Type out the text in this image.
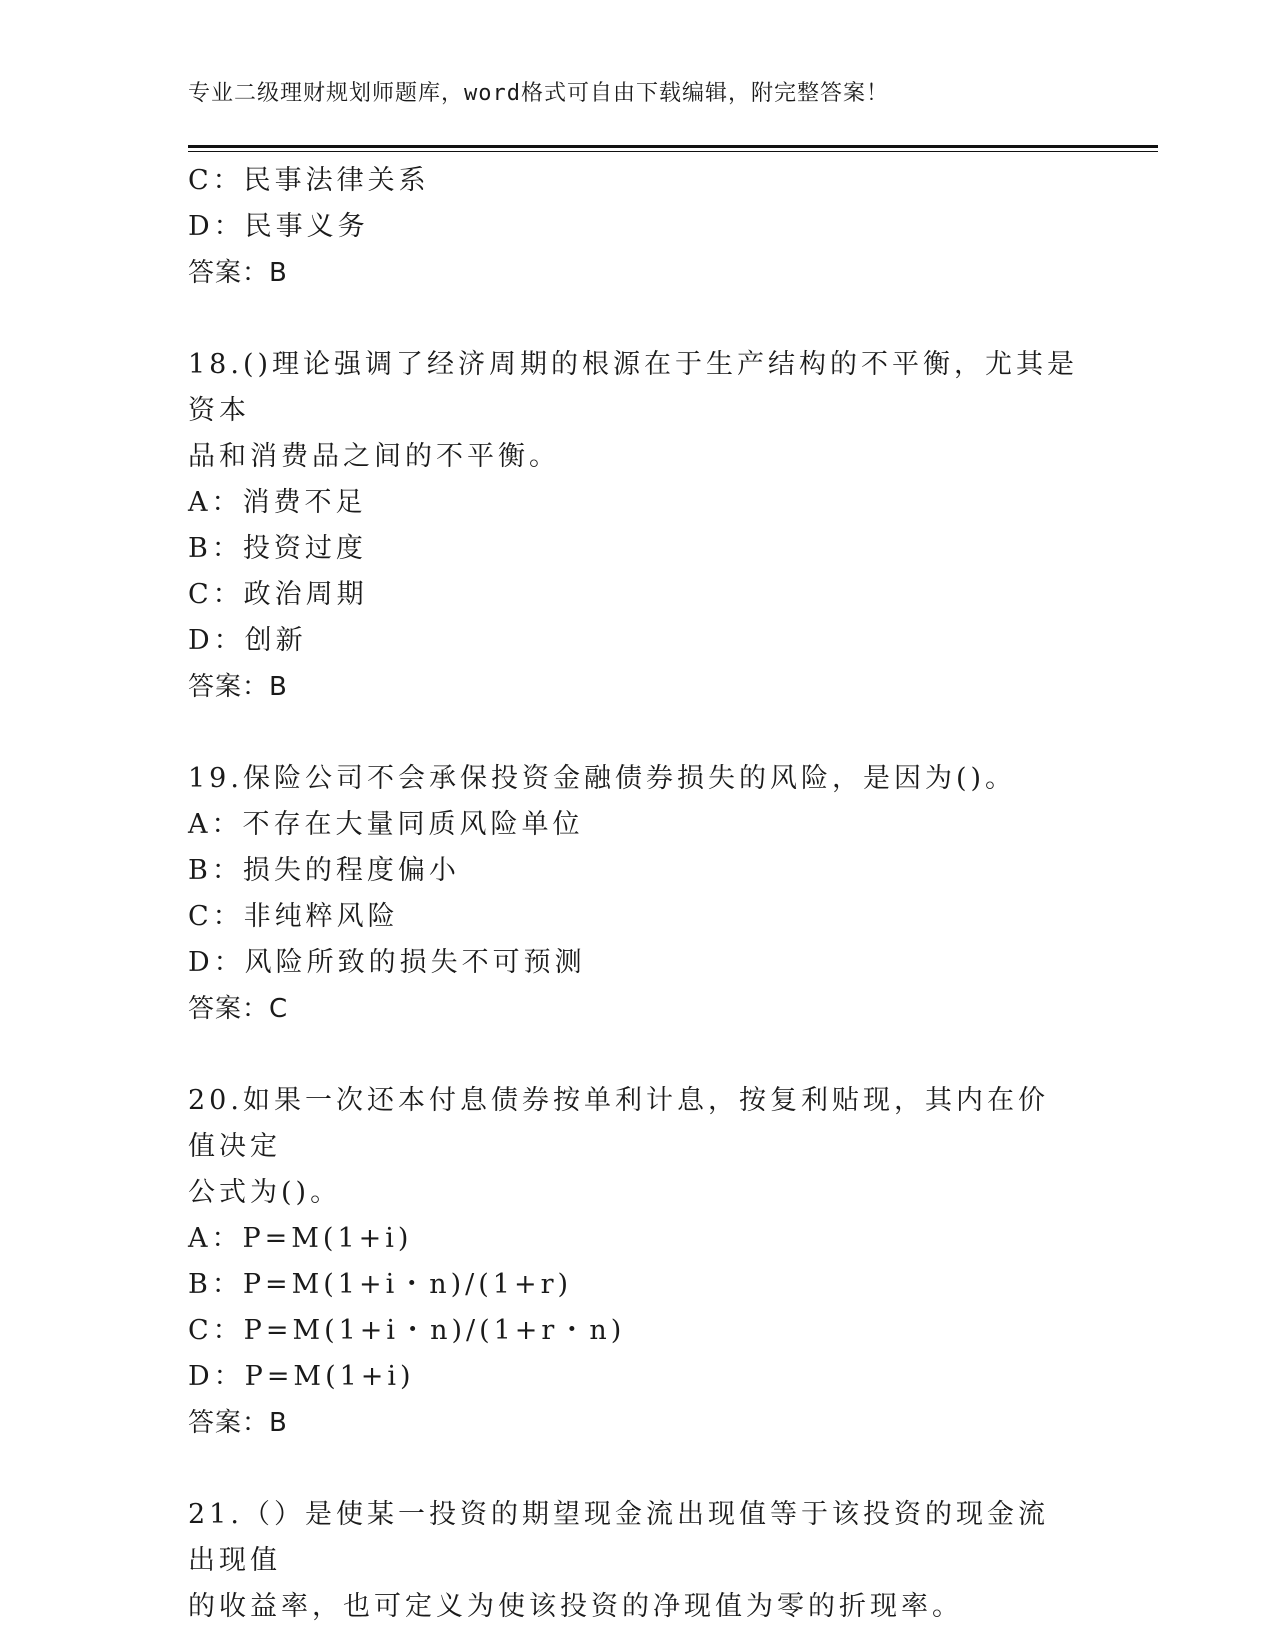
专业二级理财规划师题库，word格式可自由下载编辑，附完整答案！
C：民事法律关系
D：民事义务
答案：B
18.()理论强调了经济周期的根源在于生产结构的不平衡，尤其是资本
品和消费品之间的不平衡。
A：消费不足
B：投资过度
C：政治周期
D：创新
答案：B
19.保险公司不会承保投资金融债券损失的风险，是因为()。
A：不存在大量同质风险单位
B：损失的程度偏小
C：非纯粹风险
D：风险所致的损失不可预测
答案：C
20.如果一次还本付息债券按单利计息，按复利贴现，其内在价值决定
公式为()。
A：P=M(1+i)
B：P=M(1+i・n)/(1+r)
C：P=M(1+i・n)/(1+r・n)
D：P=M(1+i)
答案：B
21.（）是使某一投资的期望现金流出现值等于该投资的现金流出现值
的收益率，也可定义为使该投资的净现值为零的折现率。
